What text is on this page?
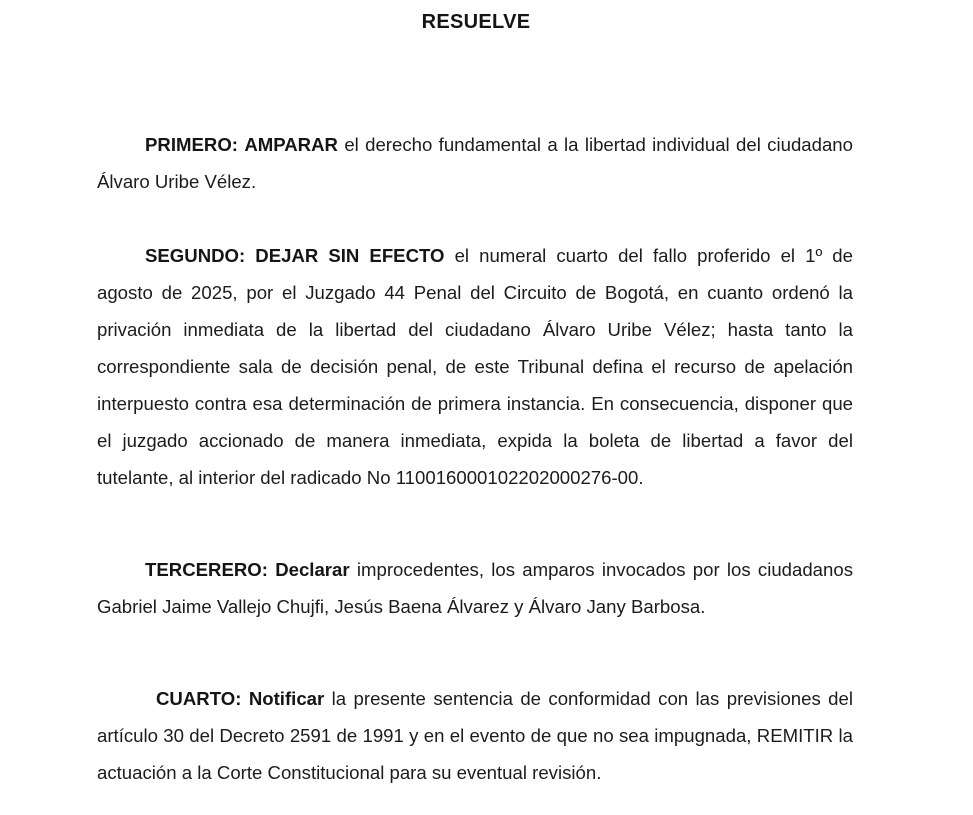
RESUELVE

PRIMERO: AMPARAR el derecho fundamental a la libertad individual del ciudadano Álvaro Uribe Vélez.

SEGUNDO: DEJAR SIN EFECTO el numeral cuarto del fallo proferido el 1º de agosto de 2025, por el Juzgado 44 Penal del Circuito de Bogotá, en cuanto ordenó la privación inmediata de la libertad del ciudadano Álvaro Uribe Vélez; hasta tanto la correspondiente sala de decisión penal, de este Tribunal defina el recurso de apelación interpuesto contra esa determinación de primera instancia. En consecuencia, disponer que el juzgado accionado de manera inmediata, expida la boleta de libertad a favor del tutelante, al interior del radicado No 110016000102202000276-00.

TERCERERO: Declarar improcedentes, los amparos invocados por los ciudadanos Gabriel Jaime Vallejo Chujfi, Jesús Baena Álvarez y Álvaro Jany Barbosa.

CUARTO: Notificar la presente sentencia de conformidad con las previsiones del artículo 30 del Decreto 2591 de 1991 y en el evento de que no sea impugnada, REMITIR la actuación a la Corte Constitucional para su eventual revisión.
